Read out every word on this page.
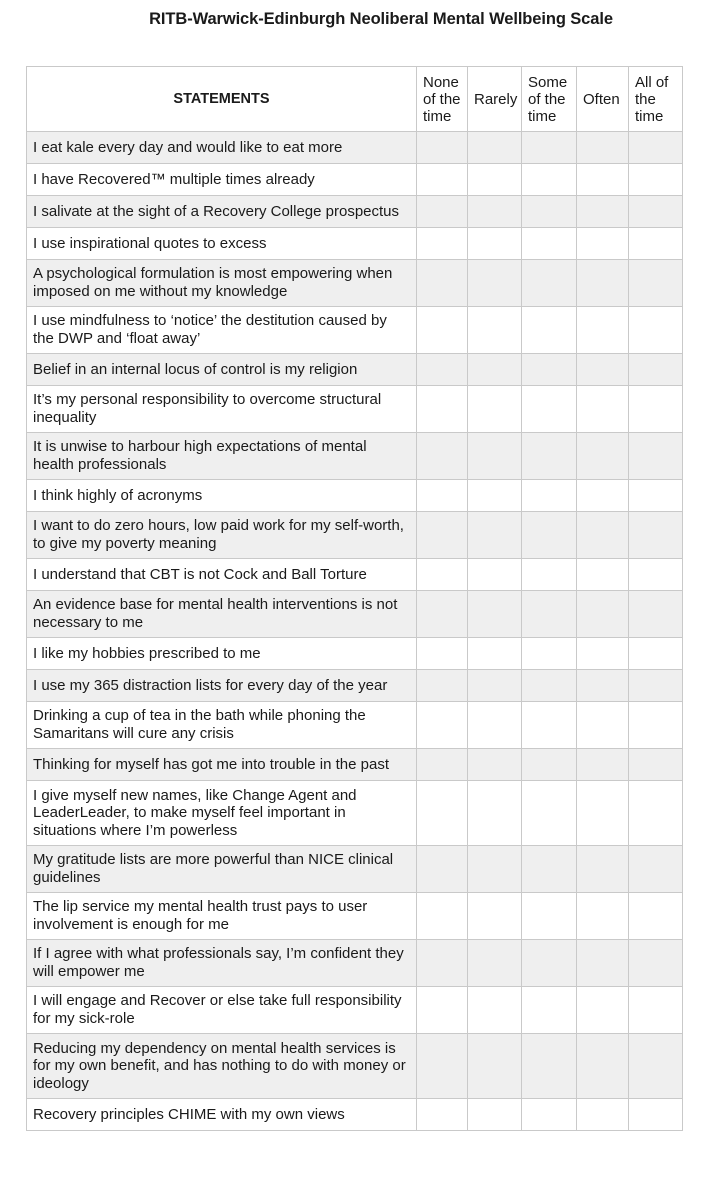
RITB-Warwick-Edinburgh Neoliberal Mental Wellbeing Scale
STATEMENTS	None of the time	Rarely	Some of the time	Often	All of the time
I eat kale every day and would like to eat more					
I have Recovered™ multiple times already					
I salivate at the sight of a Recovery College prospectus					
I use inspirational quotes to excess					
A psychological formulation is most empowering when imposed on me without my knowledge					
I use mindfulness to ‘notice’ the destitution caused by the DWP and ‘float away’					
Belief in an internal locus of control is my religion					
It’s my personal responsibility to overcome structural inequality					
It is unwise to harbour high expectations of mental health professionals					
I think highly of acronyms					
I want to do zero hours, low paid work for my self-worth, to give my poverty meaning					
I understand that CBT is not Cock and Ball Torture					
An evidence base for mental health interventions is not necessary to me					
I like my hobbies prescribed to me					
I use my 365 distraction lists for every day of the year					
Drinking a cup of tea in the bath while phoning the Samaritans will cure any crisis					
Thinking for myself has got me into trouble in the past					
I give myself new names, like Change Agent and LeaderLeader, to make myself feel important in situations where I’m powerless					
My gratitude lists are more powerful than NICE clinical guidelines					
The lip service my mental health trust pays to user involvement is enough for me					
If I agree with what professionals say, I’m confident they will empower me					
I will engage and Recover or else take full responsibility for my sick-role					
Reducing my dependency on mental health services is for my own benefit, and has nothing to do with money or ideology					
Recovery principles CHIME with my own views					
